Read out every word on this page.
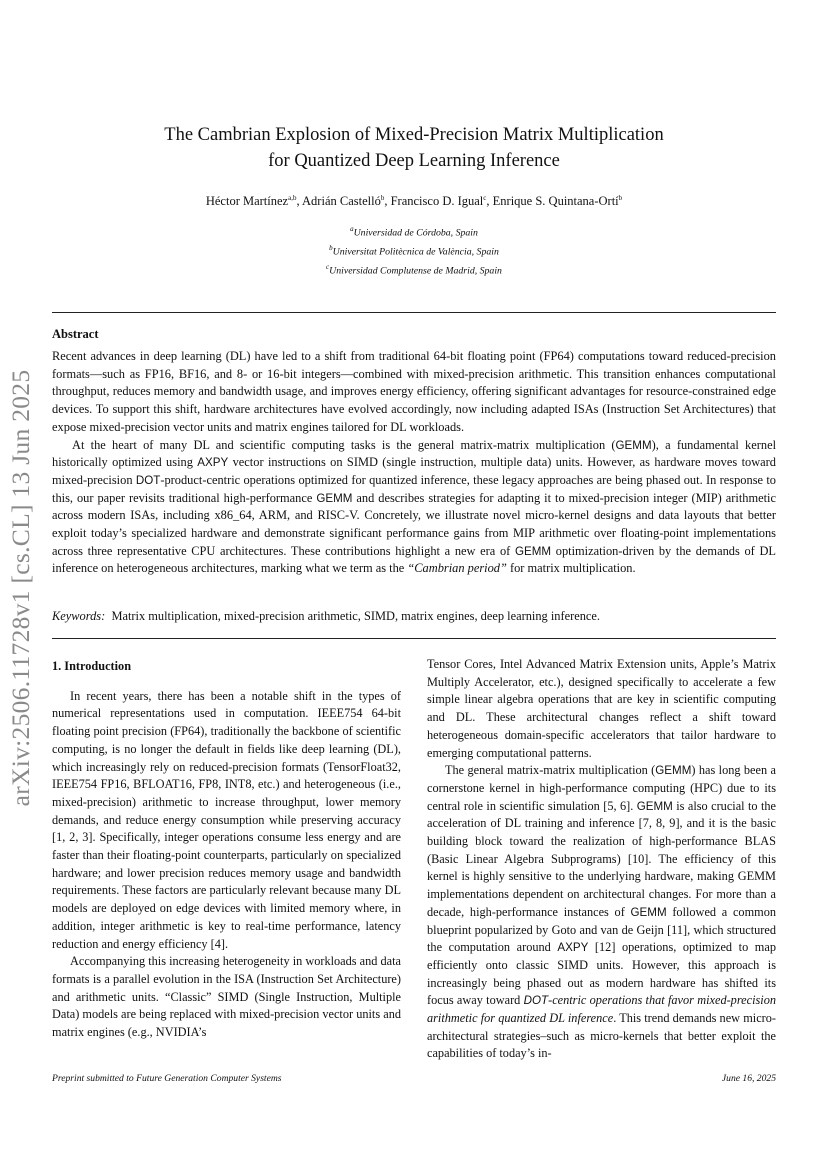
arXiv:2506.11728v1 [cs.CL] 13 Jun 2025
The Cambrian Explosion of Mixed-Precision Matrix Multiplication
for Quantized Deep Learning Inference
Héctor Martínez$^{a,b}$, Adrián Castelló$^b$, Francisco D. Igual$^c$, Enrique S. Quintana-Ortí$^b$
$^a$Universidad de Córdoba, Spain
$^b$Universitat Politècnica de València, Spain
$^c$Universidad Complutense de Madrid, Spain
Abstract

Recent advances in deep learning (DL) have led to a shift from traditional 64-bit floating point (FP64) computations toward reduced-precision formats—such as FP16, BF16, and 8- or 16-bit integers—combined with mixed-precision arithmetic. This transition enhances computational throughput, reduces memory and bandwidth usage, and improves energy efficiency, offering significant advantages for resource-constrained edge devices. To support this shift, hardware architectures have evolved accordingly, now including adapted ISAs (Instruction Set Architectures) that expose mixed-precision vector units and matrix engines tailored for DL workloads.

At the heart of many DL and scientific computing tasks is the general matrix-matrix multiplication (GEMM), a fundamental kernel historically optimized using AXPY vector instructions on SIMD (single instruction, multiple data) units. However, as hardware moves toward mixed-precision DOT-product-centric operations optimized for quantized inference, these legacy approaches are being phased out. In response to this, our paper revisits traditional high-performance GEMM and describes strategies for adapting it to mixed-precision integer (MIP) arithmetic across modern ISAs, including x86_64, ARM, and RISC-V. Concretely, we illustrate novel micro-kernel designs and data layouts that better exploit today’s specialized hardware and demonstrate significant performance gains from MIP arithmetic over floating-point implementations across three representative CPU architectures. These contributions highlight a new era of GEMM optimization-driven by the demands of DL inference on heterogeneous architectures, marking what we term as the “Cambrian period” for matrix multiplication.

Keywords: Matrix multiplication, mixed-precision arithmetic, SIMD, matrix engines, deep learning inference.
1. Introduction

In recent years, there has been a notable shift in the types of numerical representations used in computation. IEEE754 64-bit floating point precision (FP64), traditionally the backbone of scientific computing, is no longer the default in fields like deep learning (DL), which increasingly rely on reduced-precision formats (TensorFloat32, IEEE754 FP16, BFLOAT16, FP8, INT8, etc.) and heterogeneous (i.e., mixed-precision) arithmetic to increase throughput, lower memory demands, and reduce energy consumption while preserving accuracy [1, 2, 3]. Specifically, integer operations consume less energy and are faster than their floating-point counterparts, particularly on specialized hardware; and lower precision reduces memory usage and bandwidth requirements. These factors are particularly relevant because many DL models are deployed on edge devices with limited memory where, in addition, integer arithmetic is key to real-time performance, latency reduction and energy efficiency [4].

Accompanying this increasing heterogeneity in workloads and data formats is a parallel evolution in the ISA (Instruction Set Architecture) and arithmetic units. “Classic” SIMD (Single Instruction, Multiple Data) models are being replaced with mixed-precision vector units and matrix engines (e.g., NVIDIA’s

Tensor Cores, Intel Advanced Matrix Extension units, Apple’s Matrix Multiply Accelerator, etc.), designed specifically to accelerate a few simple linear algebra operations that are key in scientific computing and DL. These architectural changes reflect a shift toward heterogeneous domain-specific accelerators that tailor hardware to emerging computational patterns.

The general matrix-matrix multiplication (GEMM) has long been a cornerstone kernel in high-performance computing (HPC) due to its central role in scientific simulation [5, 6]. GEMM is also crucial to the acceleration of DL training and inference [7, 8, 9], and it is the basic building block toward the realization of high-performance BLAS (Basic Linear Algebra Subprograms) [10]. The efficiency of this kernel is highly sensitive to the underlying hardware, making GEMM implementations dependent on architectural changes. For more than a decade, high-performance instances of GEMM followed a common blueprint popularized by Goto and van de Geijn [11], which structured the computation around AXPY [12] operations, optimized to map efficiently onto classic SIMD units. However, this approach is increasingly being phased out as modern hardware has shifted its focus away toward DOT-centric operations that favor mixed-precision arithmetic for quantized DL inference. This trend demands new micro-architectural strategies–such as micro-kernels that better exploit the capabilities of today’s in-

Preprint submitted to Future Generation Computer Systems	June 16, 2025
